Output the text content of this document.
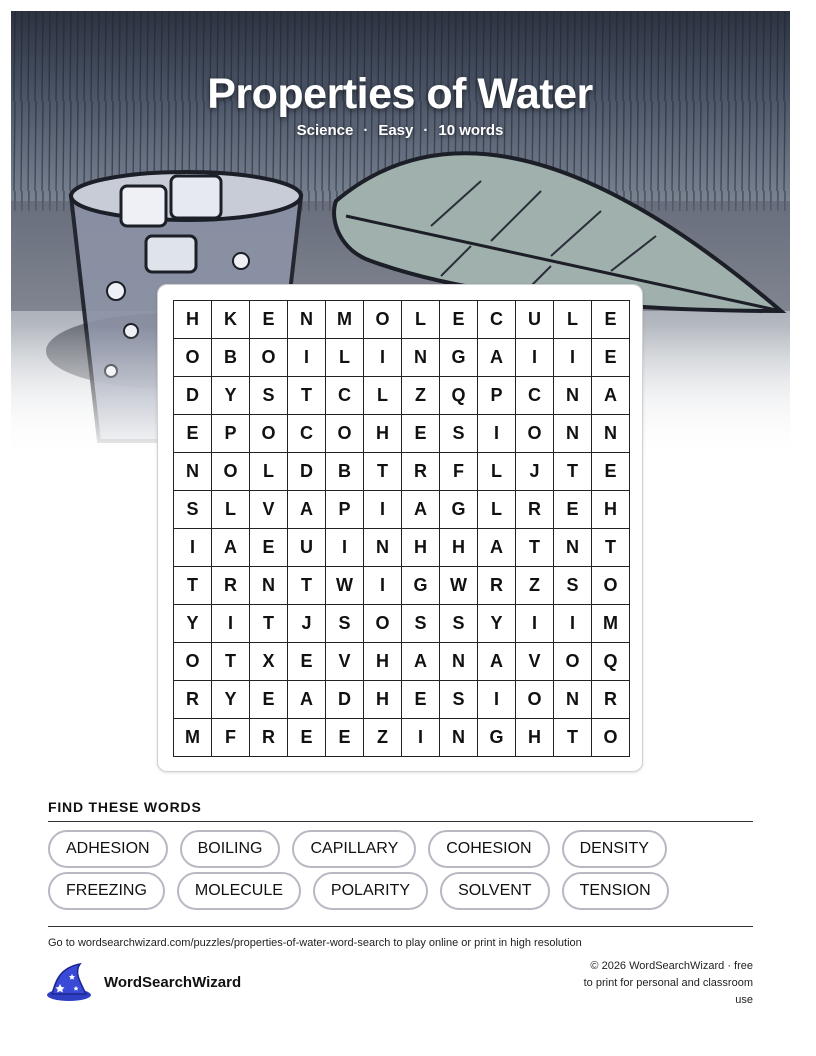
Properties of Water
Science · Easy · 10 words
H	K	E	N	M	O	L	E	C	U	L	E
O	B	O	I	L	I	N	G	A	I	I	E
D	Y	S	T	C	L	Z	Q	P	C	N	A
E	P	O	C	O	H	E	S	I	O	N	N
N	O	L	D	B	T	R	F	L	J	T	E
S	L	V	A	P	I	A	G	L	R	E	H
I	A	E	U	I	N	H	H	A	T	N	T
T	R	N	T	W	I	G	W	R	Z	S	O
Y	I	T	J	S	O	S	S	Y	I	I	M
O	T	X	E	V	H	A	N	A	V	O	Q
R	Y	E	A	D	H	E	S	I	O	N	R
M	F	R	E	E	Z	I	N	G	H	T	O
FIND THESE WORDS
ADHESION	BOILING	CAPILLARY	COHESION	DENSITY
FREEZING	MOLECULE	POLARITY	SOLVENT	TENSION
Go to wordsearchwizard.com/puzzles/properties-of-water-word-search to play online or print in high resolution
WordSearchWizard
© 2026 WordSearchWizard · free to print for personal and classroom use
